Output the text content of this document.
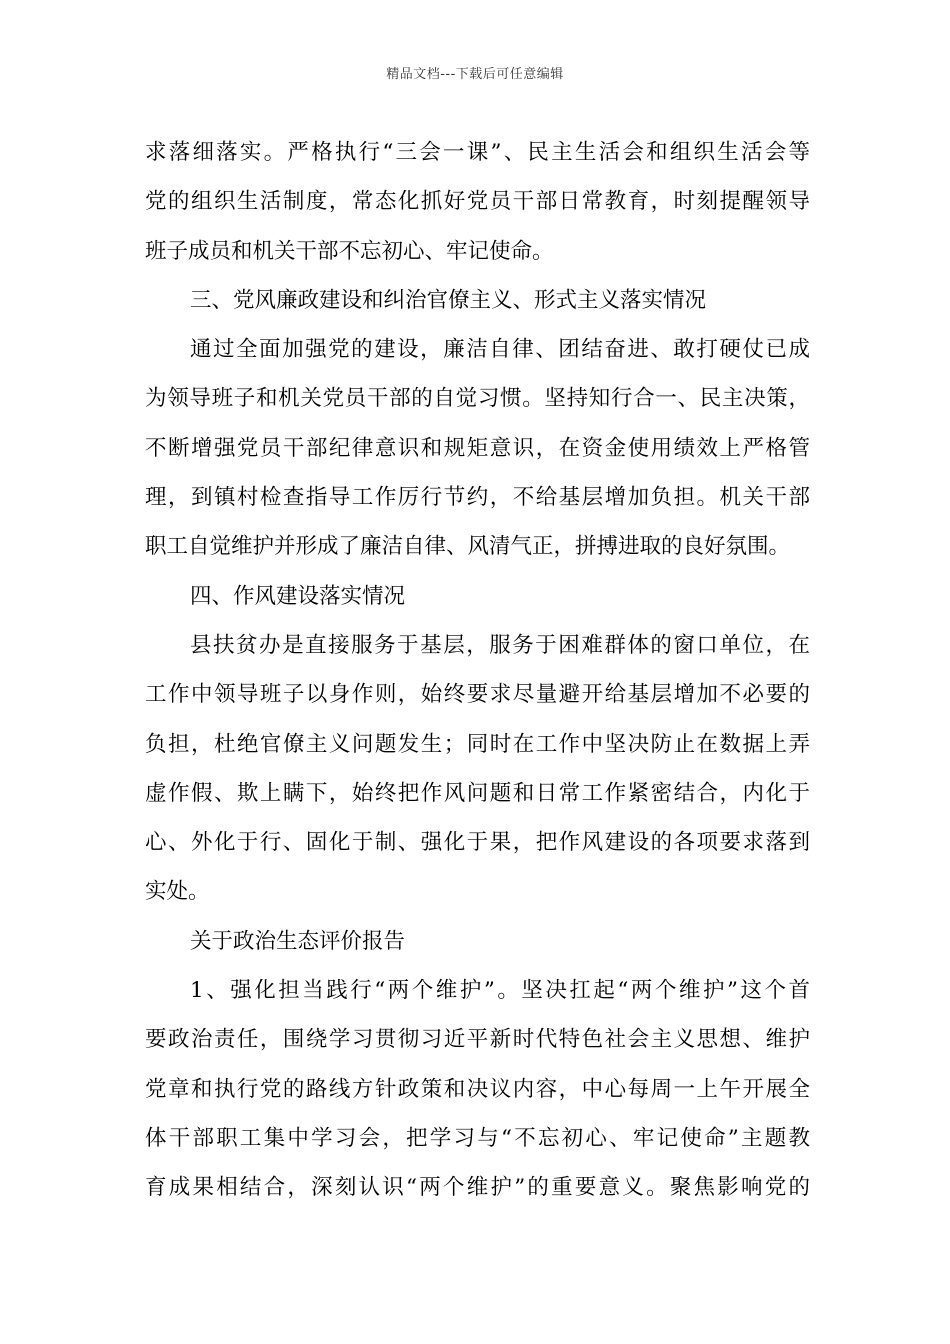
精品文档---下载后可任意编辑
求落细落实。严格执行“三会一课”、民主生活会和组织生活会等
党的组织生活制度，常态化抓好党员干部日常教育，时刻提醒领导
班子成员和机关干部不忘初心、牢记使命。
三、党风廉政建设和纠治官僚主义、形式主义落实情况
通过全面加强党的建设，廉洁自律、团结奋进、敢打硬仗已成
为领导班子和机关党员干部的自觉习惯。坚持知行合一、民主决策，
不断增强党员干部纪律意识和规矩意识，在资金使用绩效上严格管
理，到镇村检查指导工作厉行节约，不给基层增加负担。机关干部
职工自觉维护并形成了廉洁自律、风清气正，拼搏进取的良好氛围。
四、作风建设落实情况
县扶贫办是直接服务于基层，服务于困难群体的窗口单位，在
工作中领导班子以身作则，始终要求尽量避开给基层增加不必要的
负担，杜绝官僚主义问题发生；同时在工作中坚决防止在数据上弄
虚作假、欺上瞒下，始终把作风问题和日常工作紧密结合，内化于
心、外化于行、固化于制、强化于果，把作风建设的各项要求落到
实处。
关于政治生态评价报告
1、强化担当践行“两个维护”。坚决扛起“两个维护”这个首
要政治责任，围绕学习贯彻习近平新时代特色社会主义思想、维护
党章和执行党的路线方针政策和决议内容，中心每周一上午开展全
体干部职工集中学习会，把学习与“不忘初心、牢记使命”主题教
育成果相结合，深刻认识“两个维护”的重要意义。聚焦影响党的
